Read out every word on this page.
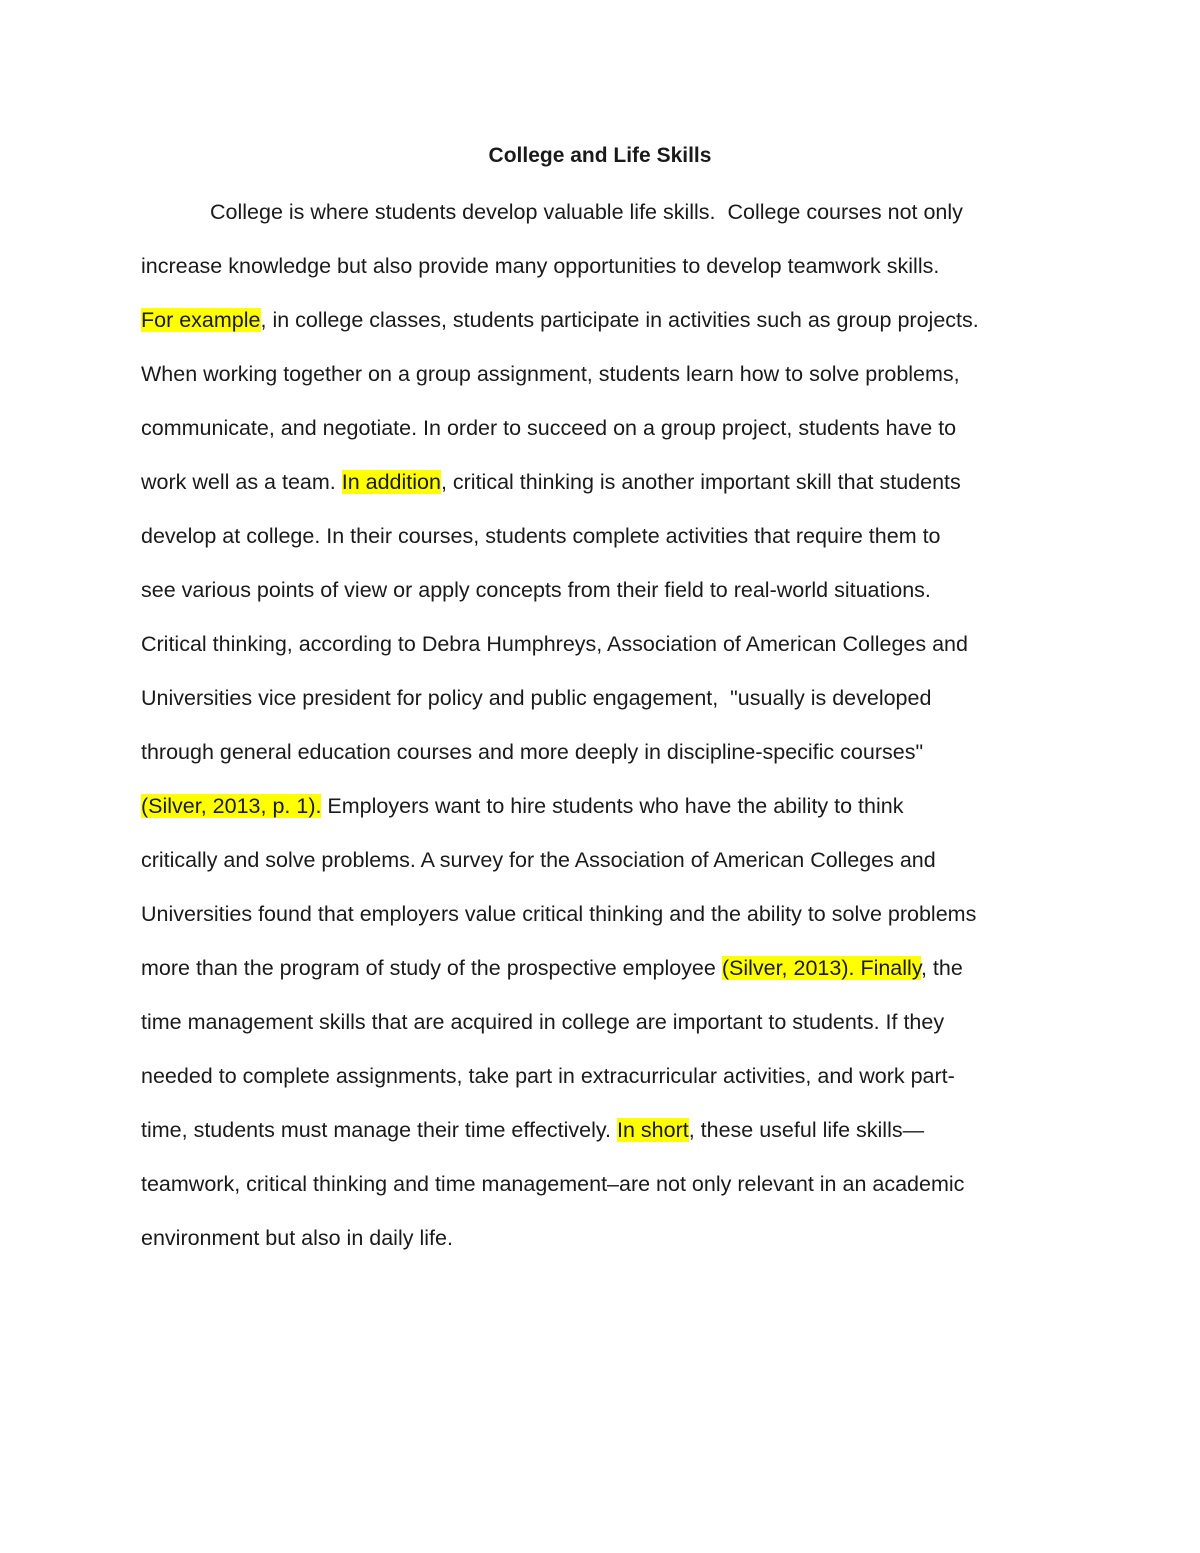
College and Life Skills
College is where students develop valuable life skills.  College courses not only
increase knowledge but also provide many opportunities to develop teamwork skills.
For example, in college classes, students participate in activities such as group projects.
When working together on a group assignment, students learn how to solve problems,
communicate, and negotiate. In order to succeed on a group project, students have to
work well as a team. In addition, critical thinking is another important skill that students
develop at college. In their courses, students complete activities that require them to
see various points of view or apply concepts from their field to real-world situations.
Critical thinking, according to Debra Humphreys, Association of American Colleges and
Universities vice president for policy and public engagement,  "usually is developed
through general education courses and more deeply in discipline-specific courses"
(Silver, 2013, p. 1). Employers want to hire students who have the ability to think
critically and solve problems. A survey for the Association of American Colleges and
Universities found that employers value critical thinking and the ability to solve problems
more than the program of study of the prospective employee (Silver, 2013). Finally, the
time management skills that are acquired in college are important to students. If they
needed to complete assignments, take part in extracurricular activities, and work part-
time, students must manage their time effectively. In short, these useful life skills—
teamwork, critical thinking and time management–are not only relevant in an academic
environment but also in daily life.
